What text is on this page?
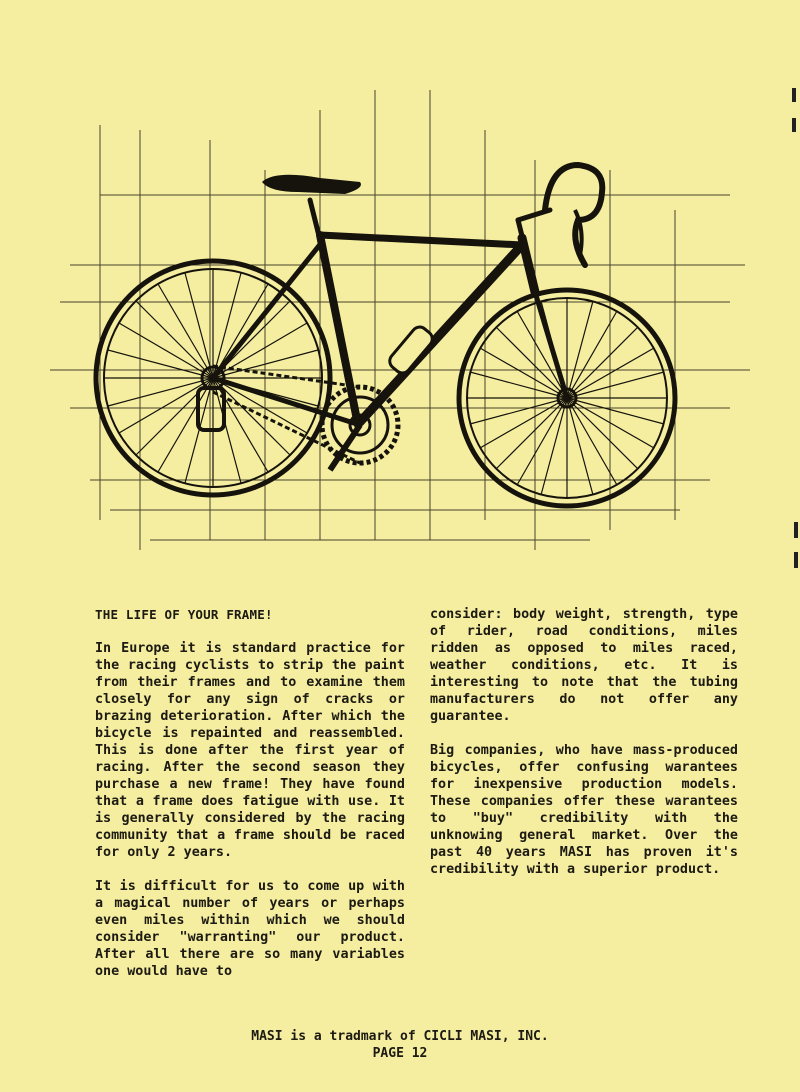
THE LIFE OF YOUR FRAME!
In Europe it is standard practice for the racing cyclists to strip the paint from their frames and to examine them closely for any sign of cracks or brazing deterioration. After which the bicycle is repainted and reassembled. This is done after the first year of racing. After the second season they purchase a new frame! They have found that a frame does fatigue with use. It is generally considered by the racing community that a frame should be raced for only 2 years.
It is difficult for us to come up with a magical number of years or perhaps even miles within which we should consider "warranting" our product. After all there are so many variables one would have to
consider: body weight, strength, type of rider, road conditions, miles ridden as opposed to miles raced, weather conditions, etc. It is interesting to note that the tubing manufacturers do not offer any guarantee.
Big companies, who have mass-produced bicycles, offer confusing warantees for inexpensive production models. These companies offer these warantees to "buy" credibility with the unknowing general market. Over the past 40 years MASI has proven it's credibility with a superior product.
MASI is a tradmark of CICLI MASI, INC.
PAGE 12
